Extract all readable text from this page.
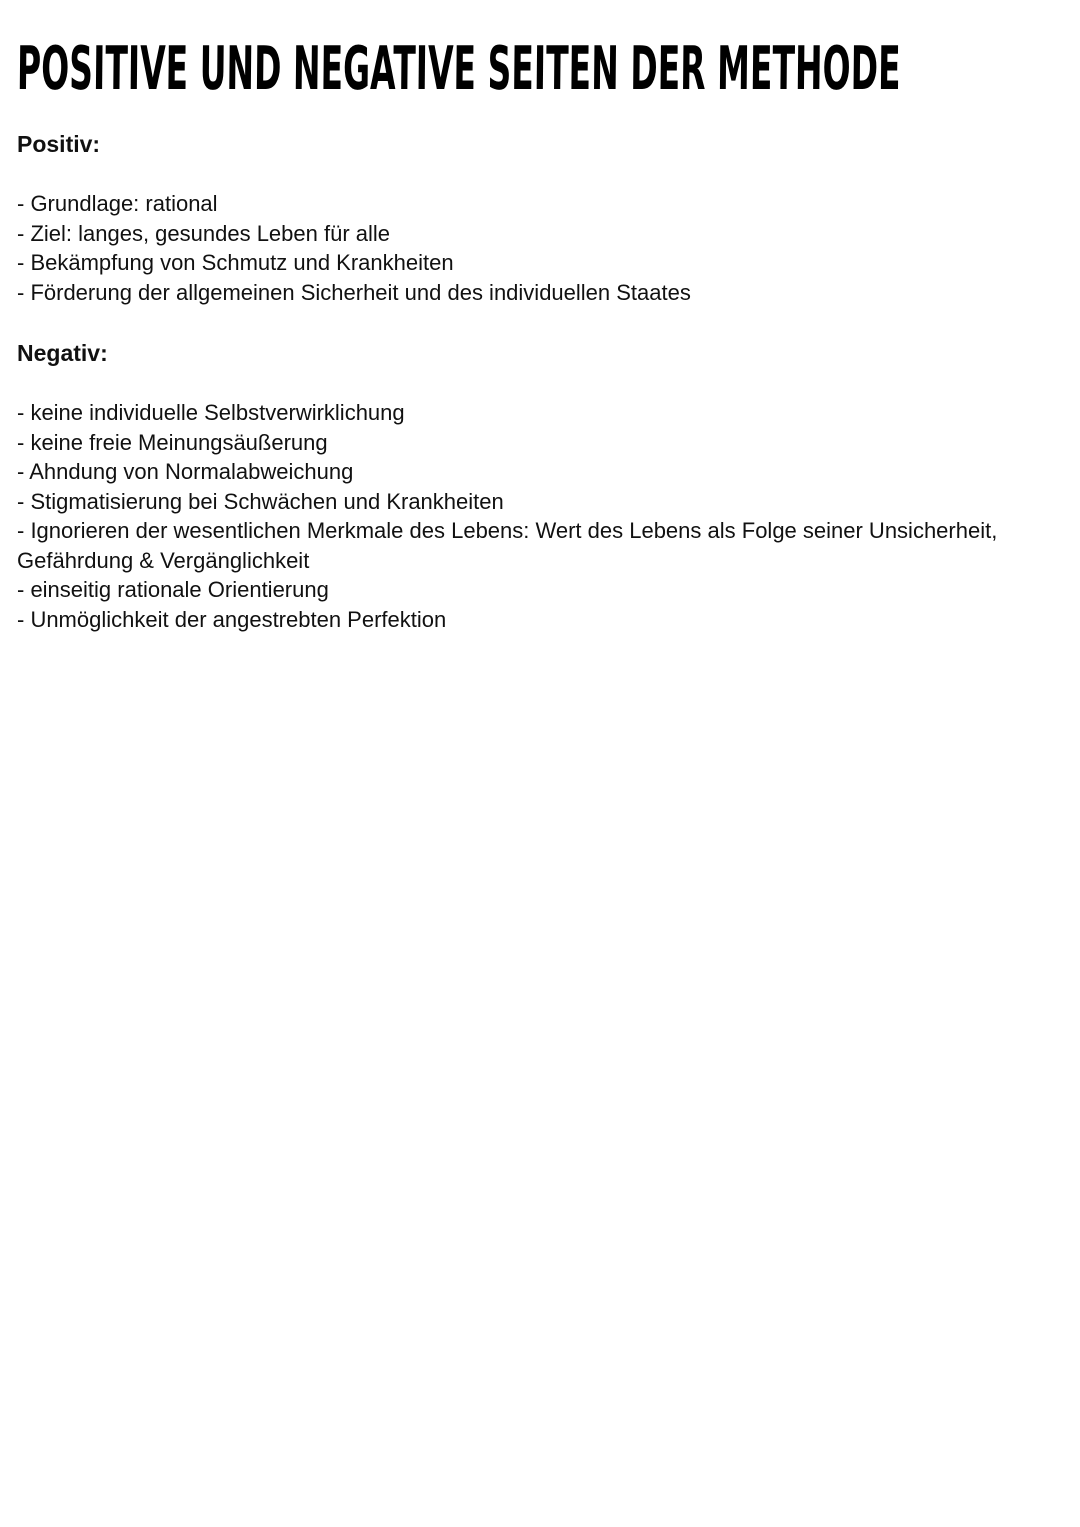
POSITIVE UND NEGATIVE SEITEN DER METHODE
Positiv:
- Grundlage: rational
- Ziel: langes, gesundes Leben für alle
- Bekämpfung von Schmutz und Krankheiten
- Förderung der allgemeinen Sicherheit und des individuellen Staates
Negativ:
- keine individuelle Selbstverwirklichung
- keine freie Meinungsäußerung
- Ahndung von Normalabweichung
- Stigmatisierung bei Schwächen und Krankheiten
- Ignorieren der wesentlichen Merkmale des Lebens: Wert des Lebens als Folge seiner Unsicherheit, Gefährdung & Vergänglichkeit
- einseitig rationale Orientierung
- Unmöglichkeit der angestrebten Perfektion
